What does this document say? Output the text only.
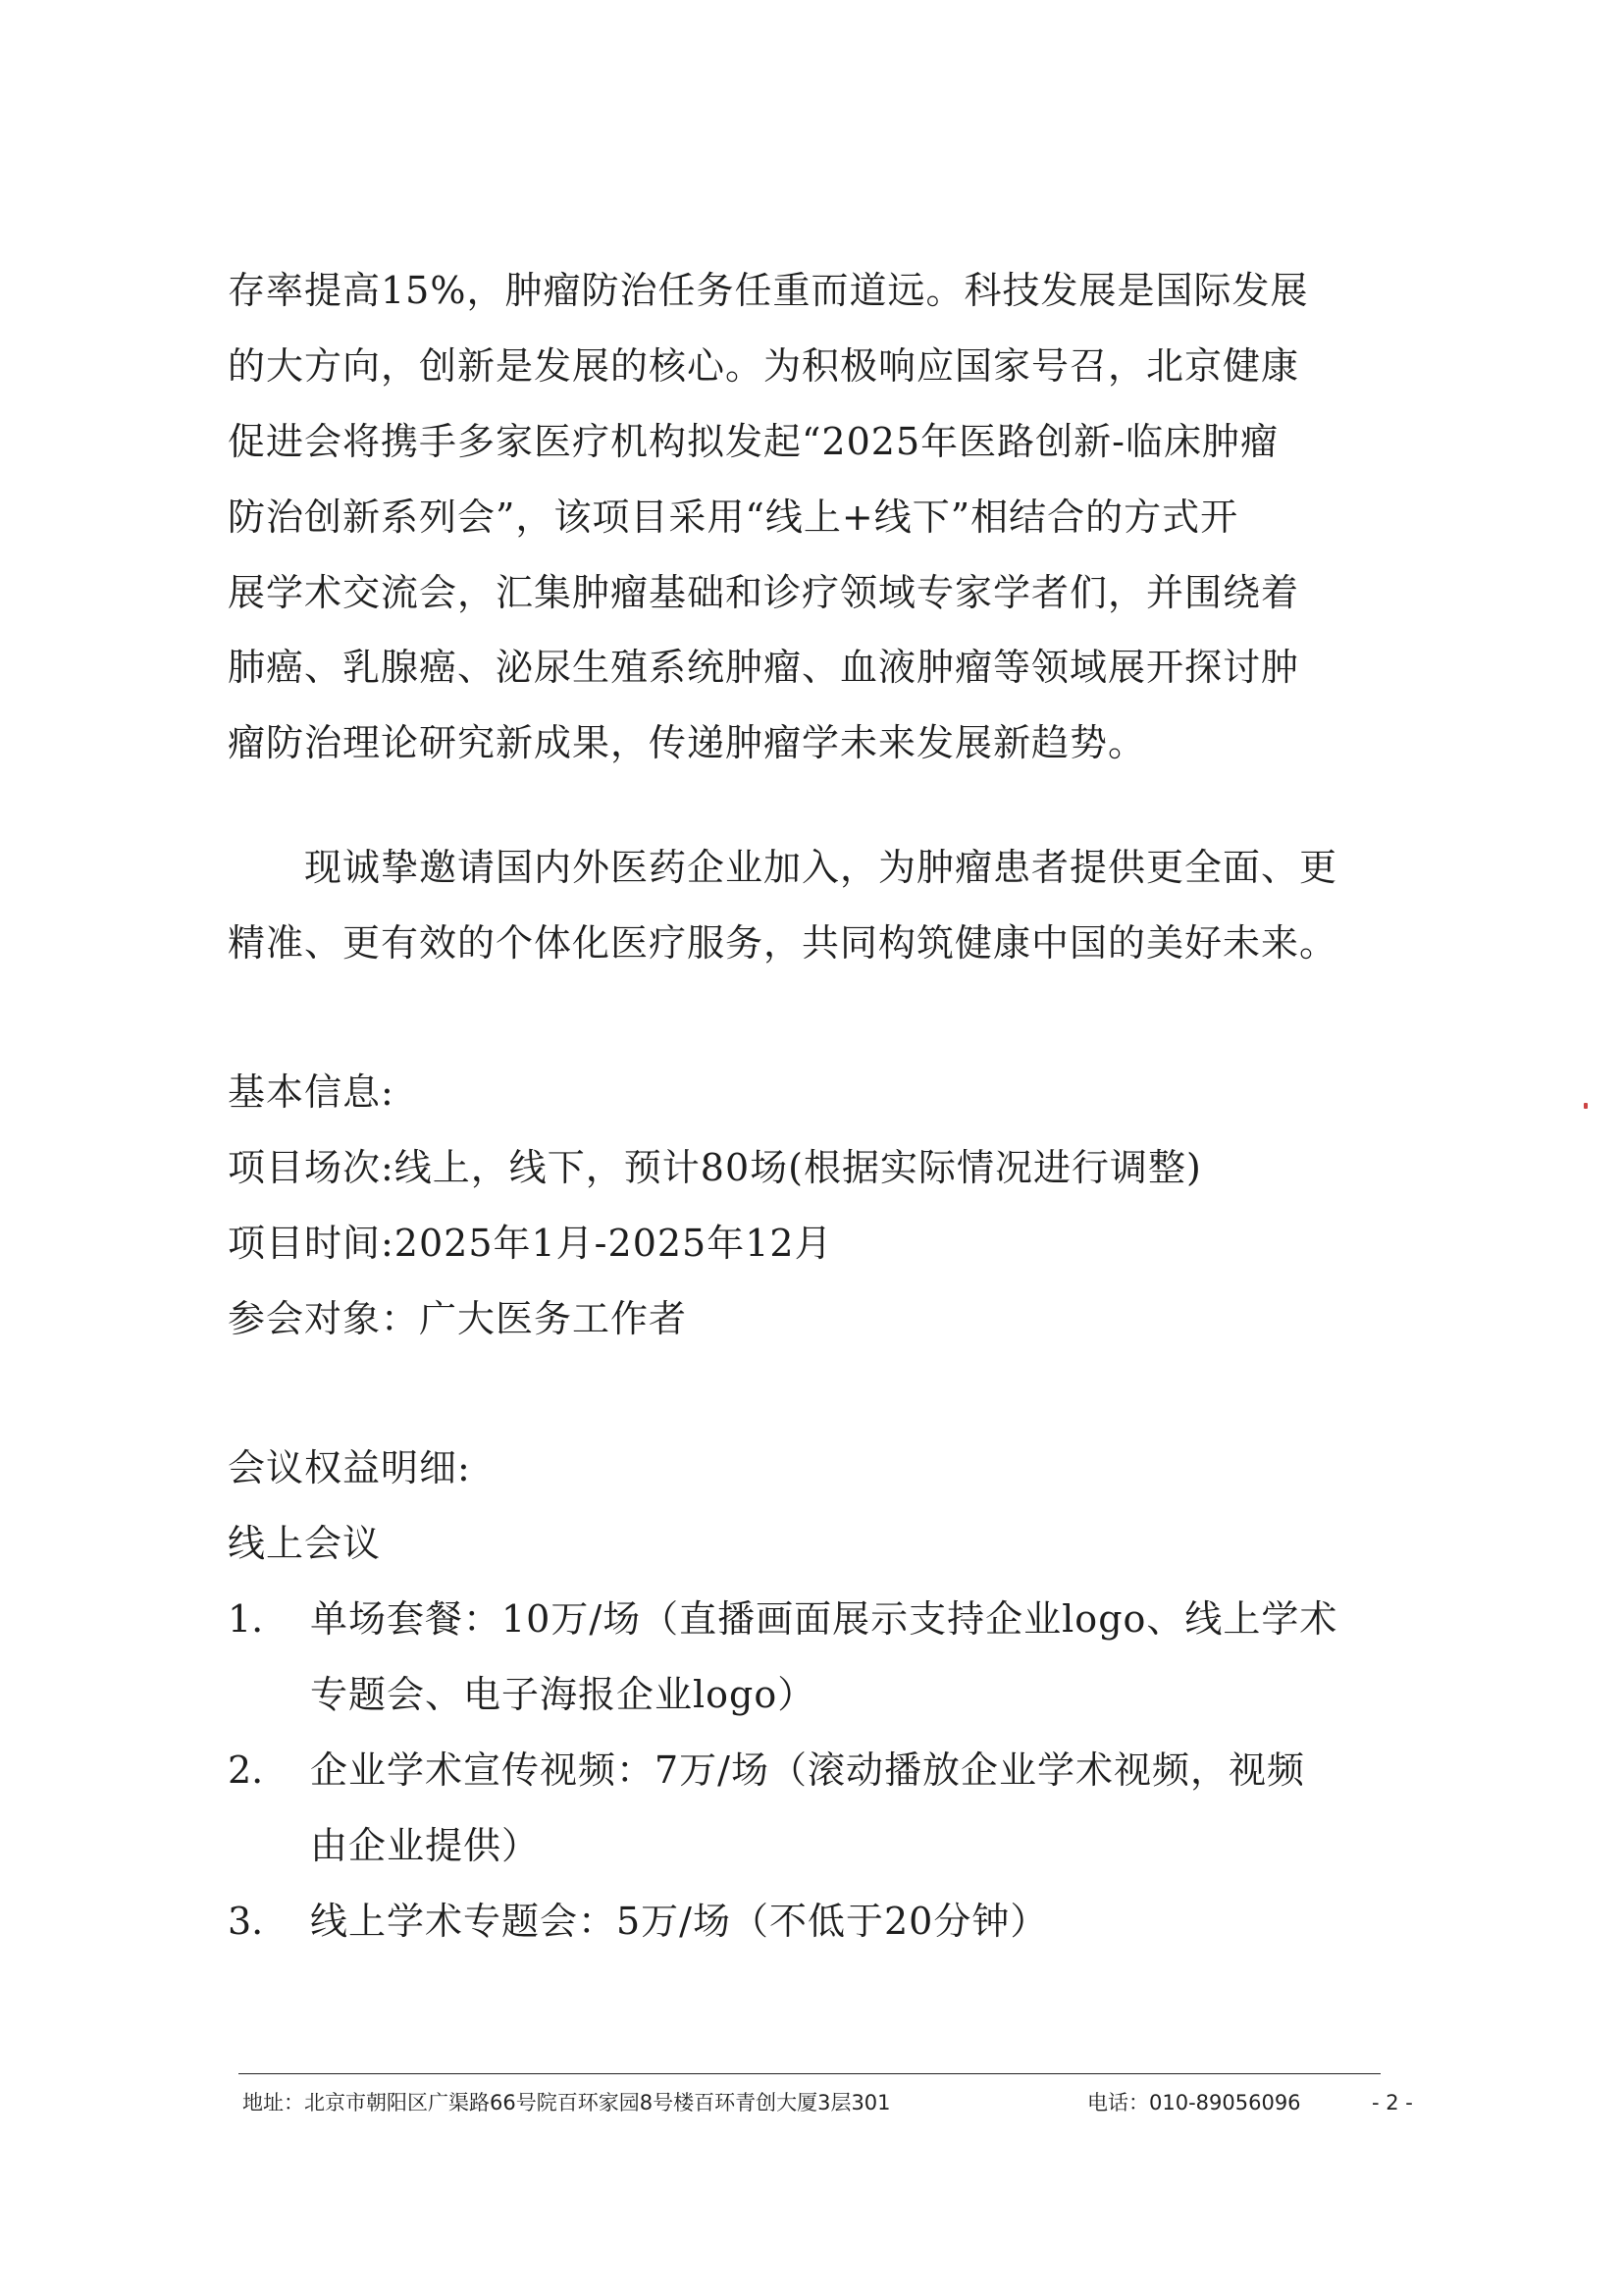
存率提高15%，肿瘤防治任务任重而道远。科技发展是国际发展
的大方向，创新是发展的核心。为积极响应国家号召，北京健康
促进会将携手多家医疗机构拟发起“2025年医路创新-临床肿瘤
防治创新系列会”，该项目采用“线上+线下”相结合的方式开
展学术交流会，汇集肿瘤基础和诊疗领域专家学者们，并围绕着
肺癌、乳腺癌、泌尿生殖系统肿瘤、血液肿瘤等领域展开探讨肿
瘤防治理论研究新成果，传递肿瘤学未来发展新趋势。
现诚挚邀请国内外医药企业加入，为肿瘤患者提供更全面、更
精准、更有效的个体化医疗服务，共同构筑健康中国的美好未来。
基本信息:
项目场次:线上，线下，预计80场(根据实际情况进行调整)
项目时间:2025年1月-2025年12月
参会对象：广大医务工作者
会议权益明细:
线上会议
1. 单场套餐：10万/场（直播画面展示支持企业logo、线上学术
专题会、电子海报企业logo）
2. 企业学术宣传视频：7万/场（滚动播放企业学术视频，视频
由企业提供）
3. 线上学术专题会：5万/场（不低于20分钟）
地址：北京市朝阳区广渠路66号院百环家园8号楼百环青创大厦3层301	电话：010-89056096	- 2 -
